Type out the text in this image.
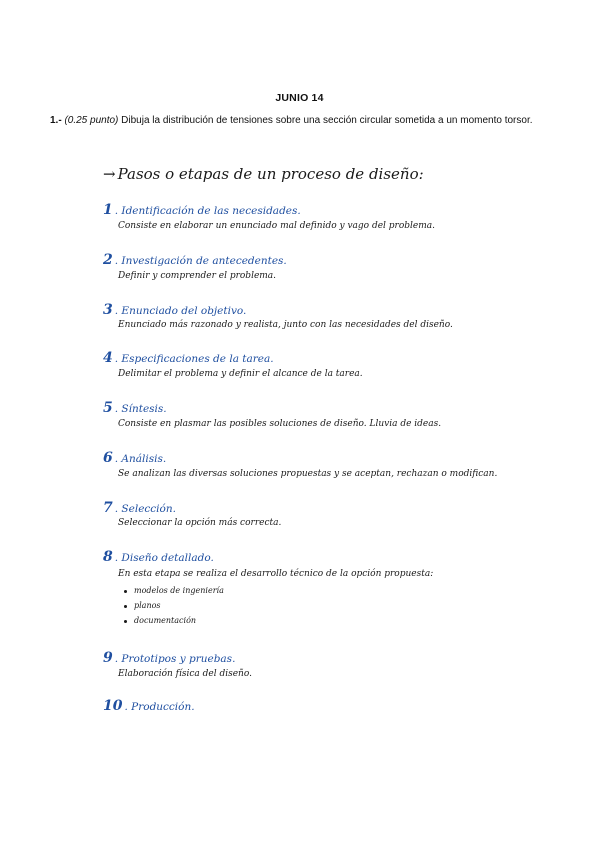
JUNIO 14
1.- (0.25 punto) Dibuja la distribución de tensiones sobre una sección circular sometida a un momento torsor.
→ Pasos o etapas de un proceso de diseño:
1 . Identificación de las necesidades.
Consiste en elaborar un enunciado mal definido y vago del problema.
2 . Investigación de antecedentes.
Definir y comprender el problema.
3 . Enunciado del objetivo.
Enunciado más razonado y realista, junto con las necesidades del diseño.
4 . Especificaciones de la tarea.
Delimitar el problema y definir el alcance de la tarea.
5 . Síntesis.
Consiste en plasmar las posibles soluciones de diseño. Lluvia de ideas.
6 . Análisis.
Se analizan las diversas soluciones propuestas y se aceptan, rechazan o modifican.
7 . Selección.
Seleccionar la opción más correcta.
8 . Diseño detallado.
En esta etapa se realiza el desarrollo técnico de la opción propuesta:
modelos de ingeniería
planos
documentación
9 . Prototipos y pruebas.
Elaboración física del diseño.
10 . Producción.
